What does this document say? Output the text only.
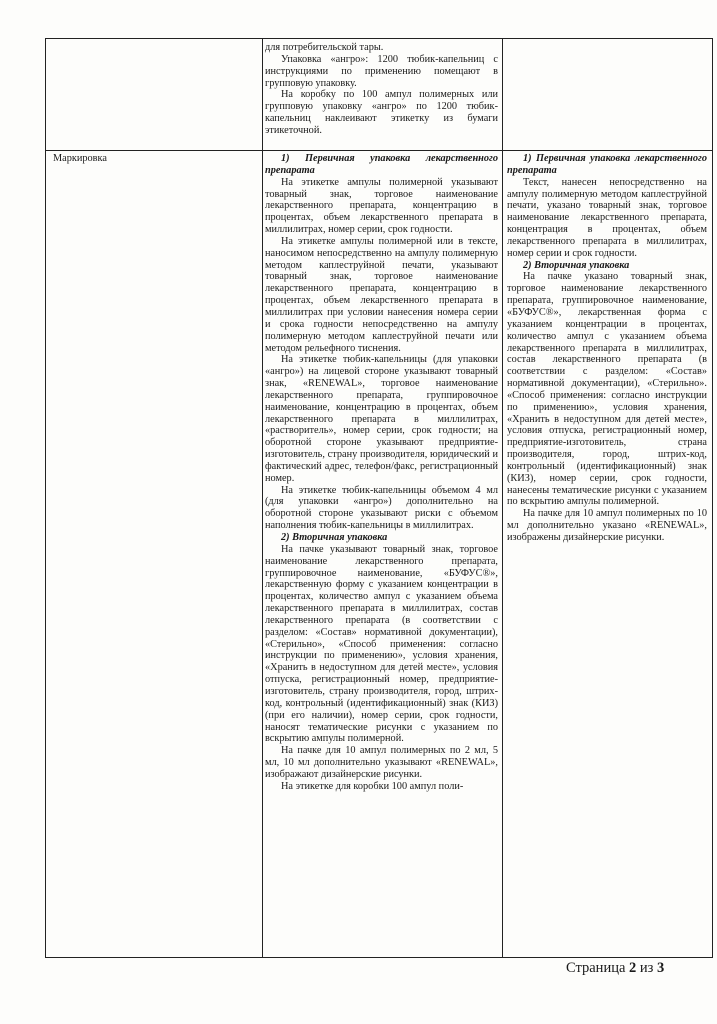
для потребительской тары.

Упаковка «ангро»: 1200 тюбик-капельниц с инструкциями по применению помещают в групповую упаковку.

На коробку по 100 ампул полимерных или групповую упаковку «ангро» по 1200 тюбик-капельниц наклеивают этикетку из бумаги этикеточной.

Маркировка	1) Первичная упаковка лекарственного препарата

На этикетке ампулы полимерной указывают товарный знак, торговое наименование лекарственного препарата, концентрацию в процентах, объем лекарственного препарата в миллилитрах, номер серии, срок годности.

На этикетке ампулы полимерной или в тексте, наносимом непосредственно на ампулу полимерную методом каплеструйной печати, указывают товарный знак, торговое наименование лекарственного препарата, концентрацию в процентах, объем лекарственного препарата в миллилитрах при условии нанесения номера серии и срока годности непосредственно на ампулу полимерную методом каплеструйной печати или методом рельефного тиснения.

На этикетке тюбик-капельницы (для упаковки «ангро») на лицевой стороне указывают товарный знак, «RENEWAL», торговое наименование лекарственного препарата, группировочное наименование, концентрацию в процентах, объем лекарственного препарата в миллилитрах, «растворитель», номер серии, срок годности; на оборотной стороне указывают предприятие-изготовитель, страну производителя, юридический и фактический адрес, телефон/факс, регистрационный номер.

На этикетке тюбик-капельницы объемом 4 мл (для упаковки «ангро») дополнительно на оборотной стороне указывают риски с объемом наполнения тюбик-капельницы в миллилитрах.

2) Вторичная упаковка

На пачке указывают товарный знак, торговое наименование лекарственного препарата, группировочное наименование, «БУФУС®», лекарственную форму с указанием концентрации в процентах, количество ампул с указанием объема лекарственного препарата в миллилитрах, состав лекарственного препарата (в соответствии с разделом: «Состав» нормативной документации), «Стерильно», «Способ применения: согласно инструкции по применению», условия хранения, «Хранить в недоступном для детей месте», условия отпуска, регистрационный номер, предприятие-изготовитель, страну производителя, город, штрих-код, контрольный (идентификационный) знак (КИЗ) (при его наличии), номер серии, срок годности, наносят тематические рисунки с указанием по вскрытию ампулы полимерной.

На пачке для 10 ампул полимерных по 2 мл, 5 мл, 10 мл дополнительно указывают «RENEWAL», изображают дизайнерские рисунки.

На этикетке для коробки 100 ампул поли-

1) Первичная упаковка лекарственного препарата

Текст, нанесен непосредственно на ампулу полимерную методом каплеструйной печати, указано товарный знак, торговое наименование лекарственного препарата, концентрация в процентах, объем лекарственного препарата в миллилитрах, номер серии и срок годности.

2) Вторичная упаковка

На пачке указано товарный знак, торговое наименование лекарственного препарата, группировочное наименование, «БУФУС®», лекарственная форма с указанием концентрации в процентах, количество ампул с указанием объема лекарственного препарата в миллилитрах, состав лекарственного препарата (в соответствии с разделом: «Состав» нормативной документации), «Стерильно». «Способ применения: согласно инструкции по применению», условия хранения, «Хранить в недоступном для детей месте», условия отпуска, регистрационный номер, предприятие-изготовитель, страна производителя, город, штрих-код, контрольный (идентификационный) знак (КИЗ), номер серии, срок годности, нанесены тематические рисунки с указанием по вскрытию ампулы полимерной.

На пачке для 10 ампул полимерных по 10 мл дополнительно указано «RENEWAL», изображены дизайнерские рисунки.

Страница 2 из 3
